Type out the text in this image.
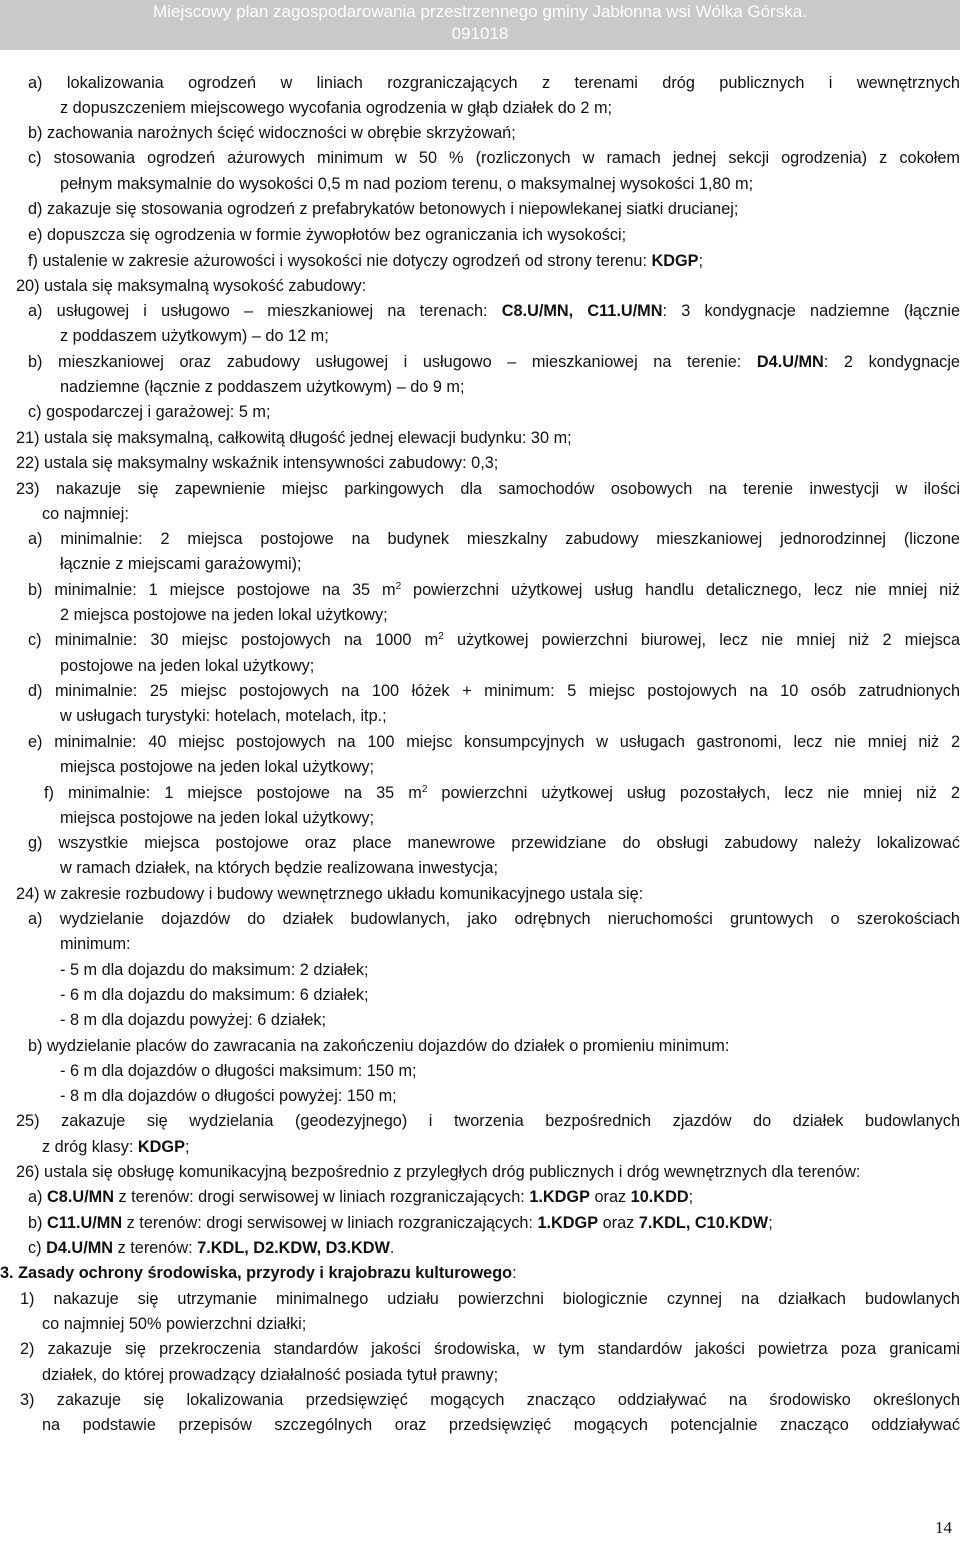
Miejscowy plan zagospodarowania przestrzennego gminy Jabłonna wsi Wólka Górska.
091018
a) lokalizowania ogrodzeń w liniach rozgraniczających z terenami dróg publicznych i wewnętrznych
z dopuszczeniem miejscowego wycofania ogrodzenia w głąb działek do 2 m;
b) zachowania narożnych ścięć widoczności w obrębie skrzyżowań;
c) stosowania ogrodzeń ażurowych minimum w 50 % (rozliczonych w ramach jednej sekcji ogrodzenia) z cokołem
pełnym maksymalnie do wysokości 0,5 m nad poziom terenu, o maksymalnej wysokości 1,80 m;
d) zakazuje się stosowania ogrodzeń z prefabrykatów betonowych i niepowlekanej siatki drucianej;
e) dopuszcza się ogrodzenia w formie żywopłotów bez ograniczania ich wysokości;
f) ustalenie w zakresie ażurowości i wysokości nie dotyczy ogrodzeń od strony terenu: KDGP;
20) ustala się maksymalną wysokość zabudowy:
a) usługowej i usługowo – mieszkaniowej na terenach: C8.U/MN, C11.U/MN: 3 kondygnacje nadziemne (łącznie
z poddaszem użytkowym) – do 12 m;
b) mieszkaniowej oraz zabudowy usługowej i usługowo – mieszkaniowej na terenie: D4.U/MN: 2 kondygnacje
nadziemne (łącznie z poddaszem użytkowym) – do 9 m;
c) gospodarczej i garażowej: 5 m;
21) ustala się maksymalną, całkowitą długość jednej elewacji budynku: 30 m;
22) ustala się maksymalny wskaźnik intensywności zabudowy: 0,3;
23) nakazuje się zapewnienie miejsc parkingowych dla samochodów osobowych na terenie inwestycji w ilości
co najmniej:
a) minimalnie: 2 miejsca postojowe na budynek mieszkalny zabudowy mieszkaniowej jednorodzinnej (liczone
łącznie z miejscami garażowymi);
b) minimalnie: 1 miejsce postojowe na 35 $m^2$ powierzchni użytkowej usług handlu detalicznego, lecz nie mniej niż
2 miejsca postojowe na jeden lokal użytkowy;
c) minimalnie: 30 miejsc postojowych na 1000 $m^2$ użytkowej powierzchni biurowej, lecz nie mniej niż 2 miejsca
postojowe na jeden lokal użytkowy;
d) minimalnie: 25 miejsc postojowych na 100 łóżek + minimum: 5 miejsc postojowych na 10 osób zatrudnionych
w usługach turystyki: hotelach, motelach, itp.;
e) minimalnie: 40 miejsc postojowych na 100 miejsc konsumpcyjnych w usługach gastronomi, lecz nie mniej niż 2
miejsca postojowe na jeden lokal użytkowy;
f) minimalnie: 1 miejsce postojowe na 35 $m^2$ powierzchni użytkowej usług pozostałych, lecz nie mniej niż 2
miejsca postojowe na jeden lokal użytkowy;
g) wszystkie miejsca postojowe oraz place manewrowe przewidziane do obsługi zabudowy należy lokalizować
w ramach działek, na których będzie realizowana inwestycja;
24) w zakresie rozbudowy i budowy wewnętrznego układu komunikacyjnego ustala się:
a) wydzielanie dojazdów do działek budowlanych, jako odrębnych nieruchomości gruntowych o szerokościach
minimum:
- 5 m dla dojazdu do maksimum: 2 działek;
- 6 m dla dojazdu do maksimum: 6 działek;
- 8 m dla dojazdu powyżej: 6 działek;
b) wydzielanie placów do zawracania na zakończeniu dojazdów do działek o promieniu minimum:
- 6 m dla dojazdów o długości maksimum: 150 m;
- 8 m dla dojazdów o długości powyżej: 150 m;
25) zakazuje się wydzielania (geodezyjnego) i tworzenia bezpośrednich zjazdów do działek budowlanych
z dróg klasy: KDGP;
26) ustala się obsługę komunikacyjną bezpośrednio z przyległych dróg publicznych i dróg wewnętrznych dla terenów:
a) C8.U/MN z terenów: drogi serwisowej w liniach rozgraniczających: 1.KDGP oraz 10.KDD;
b) C11.U/MN z terenów: drogi serwisowej w liniach rozgraniczających: 1.KDGP oraz 7.KDL, C10.KDW;
c) D4.U/MN z terenów: 7.KDL, D2.KDW, D3.KDW.
3. Zasady ochrony środowiska, przyrody i krajobrazu kulturowego:
1) nakazuje się utrzymanie minimalnego udziału powierzchni biologicznie czynnej na działkach budowlanych
co najmniej 50% powierzchni działki;
2) zakazuje się przekroczenia standardów jakości środowiska, w tym standardów jakości powietrza poza granicami
działek, do której prowadzący działalność posiada tytuł prawny;
3) zakazuje się lokalizowania przedsięwzięć mogących znacząco oddziaływać na środowisko określonych
na podstawie przepisów szczególnych oraz przedsięwzięć mogących potencjalnie znacząco oddziaływać
14
